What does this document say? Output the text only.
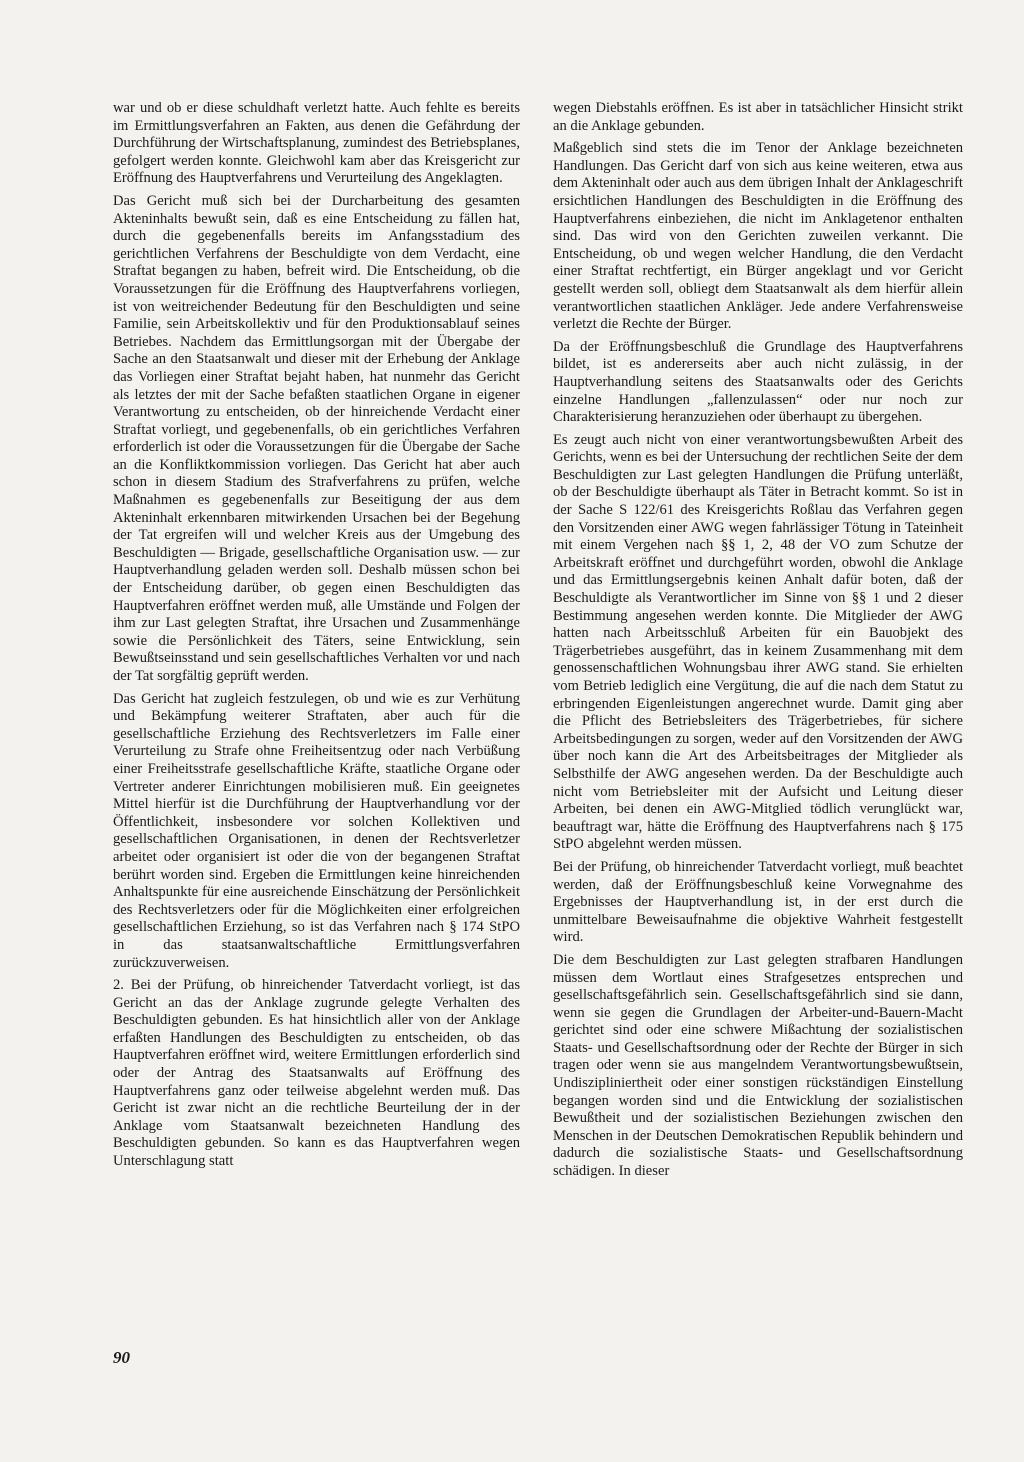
war und ob er diese schuldhaft verletzt hatte. Auch fehlte es bereits im Ermittlungsverfahren an Fakten, aus denen die Gefährdung der Durchführung der Wirtschaftsplanung, zumindest des Betriebsplanes, gefolgert werden konnte. Gleichwohl kam aber das Kreisgericht zur Eröffnung des Hauptverfahrens und Verurteilung des Angeklagten.

Das Gericht muß sich bei der Durcharbeitung des gesamten Akteninhalts bewußt sein, daß es eine Entscheidung zu fällen hat, durch die gegebenenfalls bereits im Anfangsstadium des gerichtlichen Verfahrens der Beschuldigte von dem Verdacht, eine Straftat begangen zu haben, befreit wird. Die Entscheidung, ob die Voraussetzungen für die Eröffnung des Hauptverfahrens vorliegen, ist von weitreichender Bedeutung für den Beschuldigten und seine Familie, sein Arbeitskollektiv und für den Produktionsablauf seines Betriebes. Nachdem das Ermittlungsorgan mit der Übergabe der Sache an den Staatsanwalt und dieser mit der Erhebung der Anklage das Vorliegen einer Straftat bejaht haben, hat nunmehr das Gericht als letztes der mit der Sache befaßten staatlichen Organe in eigener Verantwortung zu entscheiden, ob der hinreichende Verdacht einer Straftat vorliegt, und gegebenenfalls, ob ein gerichtliches Verfahren erforderlich ist oder die Voraussetzungen für die Übergabe der Sache an die Konfliktkommission vorliegen. Das Gericht hat aber auch schon in diesem Stadium des Strafverfahrens zu prüfen, welche Maßnahmen es gegebenenfalls zur Beseitigung der aus dem Akteninhalt erkennbaren mitwirkenden Ursachen bei der Begehung der Tat ergreifen will und welcher Kreis aus der Umgebung des Beschuldigten — Brigade, gesellschaftliche Organisation usw. — zur Hauptverhandlung geladen werden soll. Deshalb müssen schon bei der Entscheidung darüber, ob gegen einen Beschuldigten das Hauptverfahren eröffnet werden muß, alle Umstände und Folgen der ihm zur Last gelegten Straftat, ihre Ursachen und Zusammenhänge sowie die Persönlichkeit des Täters, seine Entwicklung, sein Bewußtseinsstand und sein gesellschaftliches Verhalten vor und nach der Tat sorgfältig geprüft werden.

Das Gericht hat zugleich festzulegen, ob und wie es zur Verhütung und Bekämpfung weiterer Straftaten, aber auch für die gesellschaftliche Erziehung des Rechtsverletzers im Falle einer Verurteilung zu Strafe ohne Freiheitsentzug oder nach Verbüßung einer Freiheitsstrafe gesellschaftliche Kräfte, staatliche Organe oder Vertreter anderer Einrichtungen mobilisieren muß. Ein geeignetes Mittel hierfür ist die Durchführung der Hauptverhandlung vor der Öffentlichkeit, insbesondere vor solchen Kollektiven und gesellschaftlichen Organisationen, in denen der Rechtsverletzer arbeitet oder organisiert ist oder die von der begangenen Straftat berührt worden sind. Ergeben die Ermittlungen keine hinreichenden Anhaltspunkte für eine ausreichende Einschätzung der Persönlichkeit des Rechtsverletzers oder für die Möglichkeiten einer erfolgreichen gesellschaftlichen Erziehung, so ist das Verfahren nach § 174 StPO in das staatsanwaltschaftliche Ermittlungsverfahren zurückzuverweisen.

2. Bei der Prüfung, ob hinreichender Tatverdacht vorliegt, ist das Gericht an das der Anklage zugrunde gelegte Verhalten des Beschuldigten gebunden. Es hat hinsichtlich aller von der Anklage erfaßten Handlungen des Beschuldigten zu entscheiden, ob das Hauptverfahren eröffnet wird, weitere Ermittlungen erforderlich sind oder der Antrag des Staatsanwalts auf Eröffnung des Hauptverfahrens ganz oder teilweise abgelehnt werden muß. Das Gericht ist zwar nicht an die rechtliche Beurteilung der in der Anklage vom Staatsanwalt bezeichneten Handlung des Beschuldigten gebunden. So kann es das Hauptverfahren wegen Unterschlagung statt

wegen Diebstahls eröffnen. Es ist aber in tatsächlicher Hinsicht strikt an die Anklage gebunden.

Maßgeblich sind stets die im Tenor der Anklage bezeichneten Handlungen. Das Gericht darf von sich aus keine weiteren, etwa aus dem Akteninhalt oder auch aus dem übrigen Inhalt der Anklageschrift ersichtlichen Handlungen des Beschuldigten in die Eröffnung des Hauptverfahrens einbeziehen, die nicht im Anklagetenor enthalten sind. Das wird von den Gerichten zuweilen verkannt. Die Entscheidung, ob und wegen welcher Handlung, die den Verdacht einer Straftat rechtfertigt, ein Bürger angeklagt und vor Gericht gestellt werden soll, obliegt dem Staatsanwalt als dem hierfür allein verantwortlichen staatlichen Ankläger. Jede andere Verfahrensweise verletzt die Rechte der Bürger.

Da der Eröffnungsbeschluß die Grundlage des Hauptverfahrens bildet, ist es andererseits aber auch nicht zulässig, in der Hauptverhandlung seitens des Staatsanwalts oder des Gerichts einzelne Handlungen „fallenzulassen“ oder nur noch zur Charakterisierung heranzuziehen oder überhaupt zu übergehen.

Es zeugt auch nicht von einer verantwortungsbewußten Arbeit des Gerichts, wenn es bei der Untersuchung der rechtlichen Seite der dem Beschuldigten zur Last gelegten Handlungen die Prüfung unterläßt, ob der Beschuldigte überhaupt als Täter in Betracht kommt. So ist in der Sache S 122/61 des Kreisgerichts Roßlau das Verfahren gegen den Vorsitzenden einer AWG wegen fahrlässiger Tötung in Tateinheit mit einem Vergehen nach §§ 1, 2, 48 der VO zum Schutze der Arbeitskraft eröffnet und durchgeführt worden, obwohl die Anklage und das Ermittlungsergebnis keinen Anhalt dafür boten, daß der Beschuldigte als Verantwortlicher im Sinne von §§ 1 und 2 dieser Bestimmung angesehen werden konnte. Die Mitglieder der AWG hatten nach Arbeitsschluß Arbeiten für ein Bauobjekt des Trägerbetriebes ausgeführt, das in keinem Zusammenhang mit dem genossenschaftlichen Wohnungsbau ihrer AWG stand. Sie erhielten vom Betrieb lediglich eine Vergütung, die auf die nach dem Statut zu erbringenden Eigenleistungen angerechnet wurde. Damit ging aber die Pflicht des Betriebsleiters des Trägerbetriebes, für sichere Arbeitsbedingungen zu sorgen, weder auf den Vorsitzenden der AWG über noch kann die Art des Arbeitsbeitrages der Mitglieder als Selbsthilfe der AWG angesehen werden. Da der Beschuldigte auch nicht vom Betriebsleiter mit der Aufsicht und Leitung dieser Arbeiten, bei denen ein AWG-Mitglied tödlich verunglückt war, beauftragt war, hätte die Eröffnung des Hauptverfahrens nach § 175 StPO abgelehnt werden müssen.

Bei der Prüfung, ob hinreichender Tatverdacht vorliegt, muß beachtet werden, daß der Eröffnungsbeschluß keine Vorwegnahme des Ergebnisses der Hauptverhandlung ist, in der erst durch die unmittelbare Beweisaufnahme die objektive Wahrheit festgestellt wird.

Die dem Beschuldigten zur Last gelegten strafbaren Handlungen müssen dem Wortlaut eines Strafgesetzes entsprechen und gesellschaftsgefährlich sein. Gesellschaftsgefährlich sind sie dann, wenn sie gegen die Grundlagen der Arbeiter-und-Bauern-Macht gerichtet sind oder eine schwere Mißachtung der sozialistischen Staats- und Gesellschaftsordnung oder der Rechte der Bürger in sich tragen oder wenn sie aus mangelndem Verantwortungsbewußtsein, Undiszipliniertheit oder einer sonstigen rückständigen Einstellung begangen worden sind und die Entwicklung der sozialistischen Bewußtheit und der sozialistischen Beziehungen zwischen den Menschen in der Deutschen Demokratischen Republik behindern und dadurch die sozialistische Staats- und Gesellschaftsordnung schädigen. In dieser

90
